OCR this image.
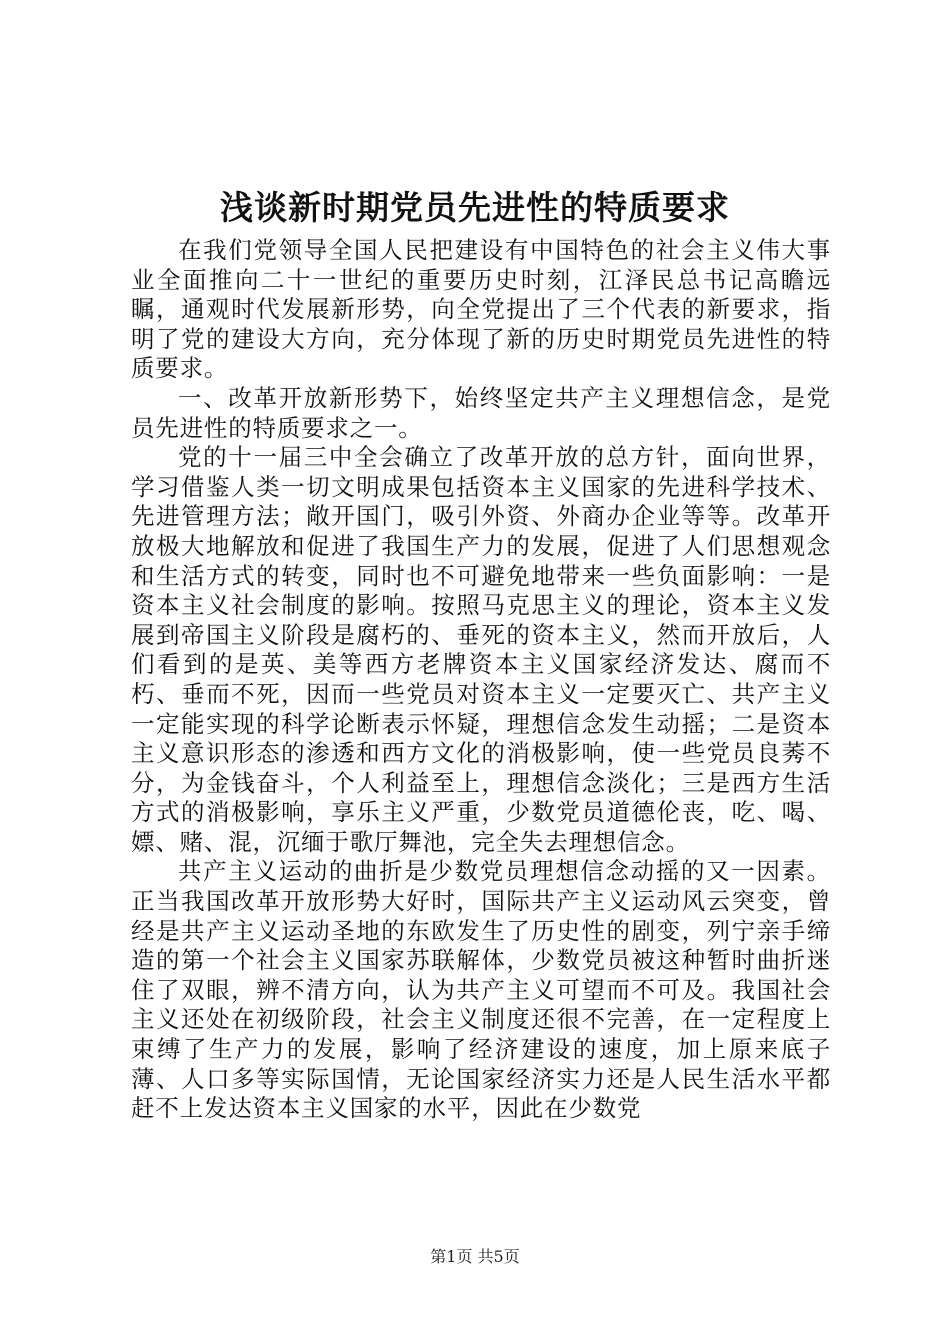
浅谈新时期党员先进性的特质要求

在我们党领导全国人民把建设有中国特色的社会主义伟大事业全面推向二十一世纪的重要历史时刻，江泽民总书记高瞻远瞩，通观时代发展新形势，向全党提出了三个代表的新要求，指明了党的建设大方向，充分体现了新的历史时期党员先进性的特质要求。

一、改革开放新形势下，始终坚定共产主义理想信念，是党员先进性的特质要求之一。

党的十一届三中全会确立了改革开放的总方针，面向世界，学习借鉴人类一切文明成果包括资本主义国家的先进科学技术、先进管理方法；敞开国门，吸引外资、外商办企业等等。改革开放极大地解放和促进了我国生产力的发展，促进了人们思想观念和生活方式的转变，同时也不可避免地带来一些负面影响：一是资本主义社会制度的影响。按照马克思主义的理论，资本主义发展到帝国主义阶段是腐朽的、垂死的资本主义，然而开放后，人们看到的是英、美等西方老牌资本主义国家经济发达、腐而不朽、垂而不死，因而一些党员对资本主义一定要灭亡、共产主义一定能实现的科学论断表示怀疑，理想信念发生动摇；二是资本主义意识形态的渗透和西方文化的消极影响，使一些党员良莠不分，为金钱奋斗，个人利益至上，理想信念淡化；三是西方生活方式的消极影响，享乐主义严重，少数党员道德伦丧，吃、喝、嫖、赌、混，沉缅于歌厅舞池，完全失去理想信念。

共产主义运动的曲折是少数党员理想信念动摇的又一因素。正当我国改革开放形势大好时，国际共产主义运动风云突变，曾经是共产主义运动圣地的东欧发生了历史性的剧变，列宁亲手缔造的第一个社会主义国家苏联解体，少数党员被这种暂时曲折迷住了双眼，辨不清方向，认为共产主义可望而不可及。我国社会主义还处在初级阶段，社会主义制度还很不完善，在一定程度上束缚了生产力的发展，影响了经济建设的速度，加上原来底子薄、人口多等实际国情，无论国家经济实力还是人民生活水平都赶不上发达资本主义国家的水平，因此在少数党

第1页 共5页
